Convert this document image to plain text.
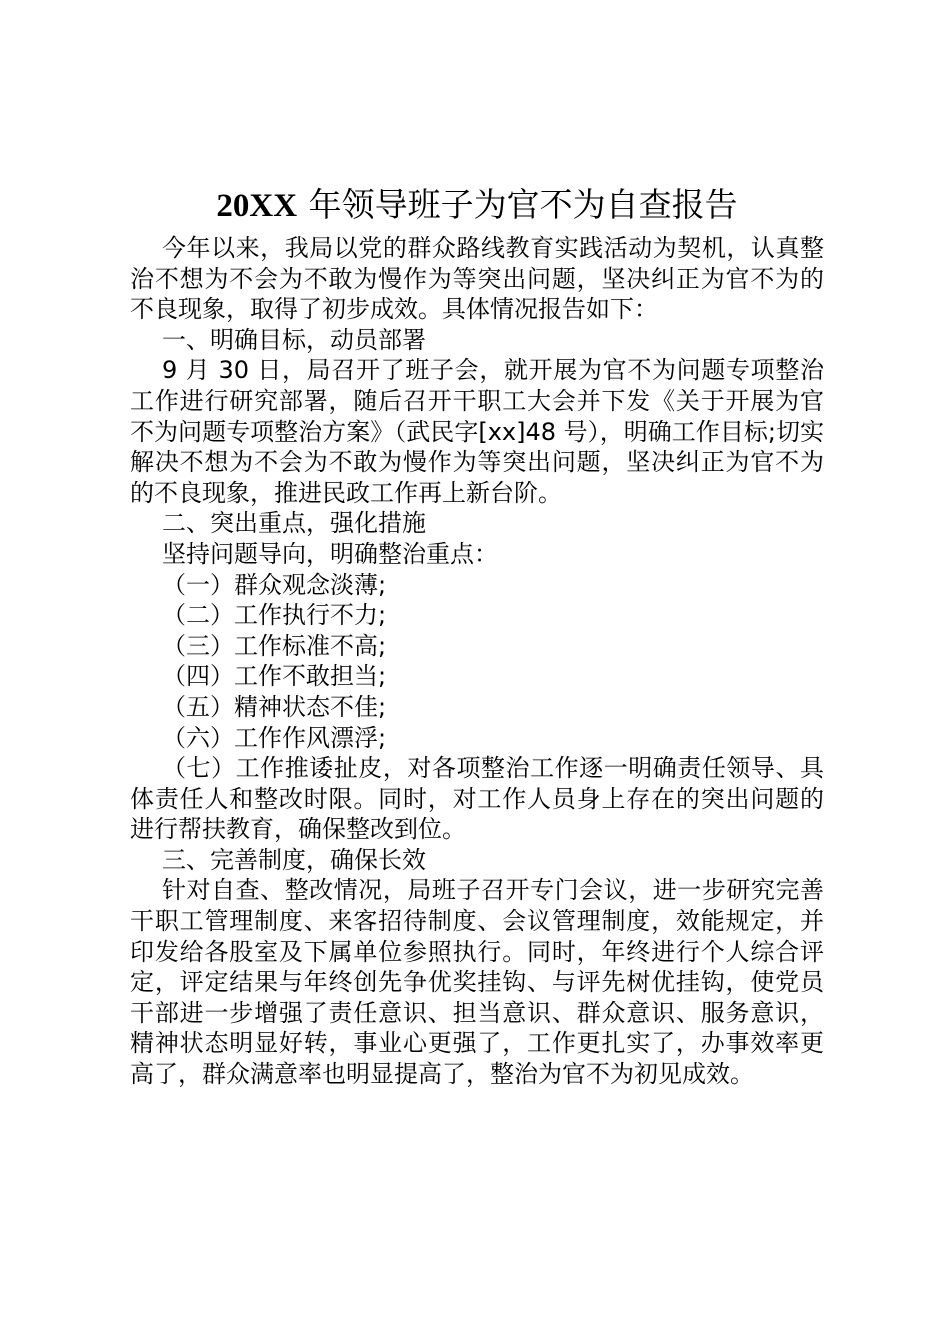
20XX 年领导班子为官不为自查报告

今年以来，我局以党的群众路线教育实践活动为契机，认真整治不想为不会为不敢为慢作为等突出问题，坚决纠正为官不为的不良现象，取得了初步成效。具体情况报告如下：

一、明确目标，动员部署

9 月 30 日，局召开了班子会，就开展为官不为问题专项整治工作进行研究部署，随后召开干职工大会并下发《关于开展为官不为问题专项整治方案》（武民字[xx]48 号），明确工作目标;切实解决不想为不会为不敢为慢作为等突出问题，坚决纠正为官不为的不良现象，推进民政工作再上新台阶。

二、突出重点，强化措施

坚持问题导向，明确整治重点：

（一）群众观念淡薄;

（二）工作执行不力;

（三）工作标准不高;

（四）工作不敢担当;

（五）精神状态不佳;

（六）工作作风漂浮;

（七）工作推诿扯皮，对各项整治工作逐一明确责任领导、具体责任人和整改时限。同时，对工作人员身上存在的突出问题的进行帮扶教育，确保整改到位。

三、完善制度，确保长效

针对自查、整改情况，局班子召开专门会议，进一步研究完善干职工管理制度、来客招待制度、会议管理制度，效能规定，并印发给各股室及下属单位参照执行。同时，年终进行个人综合评定，评定结果与年终创先争优奖挂钩、与评先树优挂钩，使党员干部进一步增强了责任意识、担当意识、群众意识、服务意识，精神状态明显好转，事业心更强了，工作更扎实了，办事效率更高了，群众满意率也明显提高了，整治为官不为初见成效。
